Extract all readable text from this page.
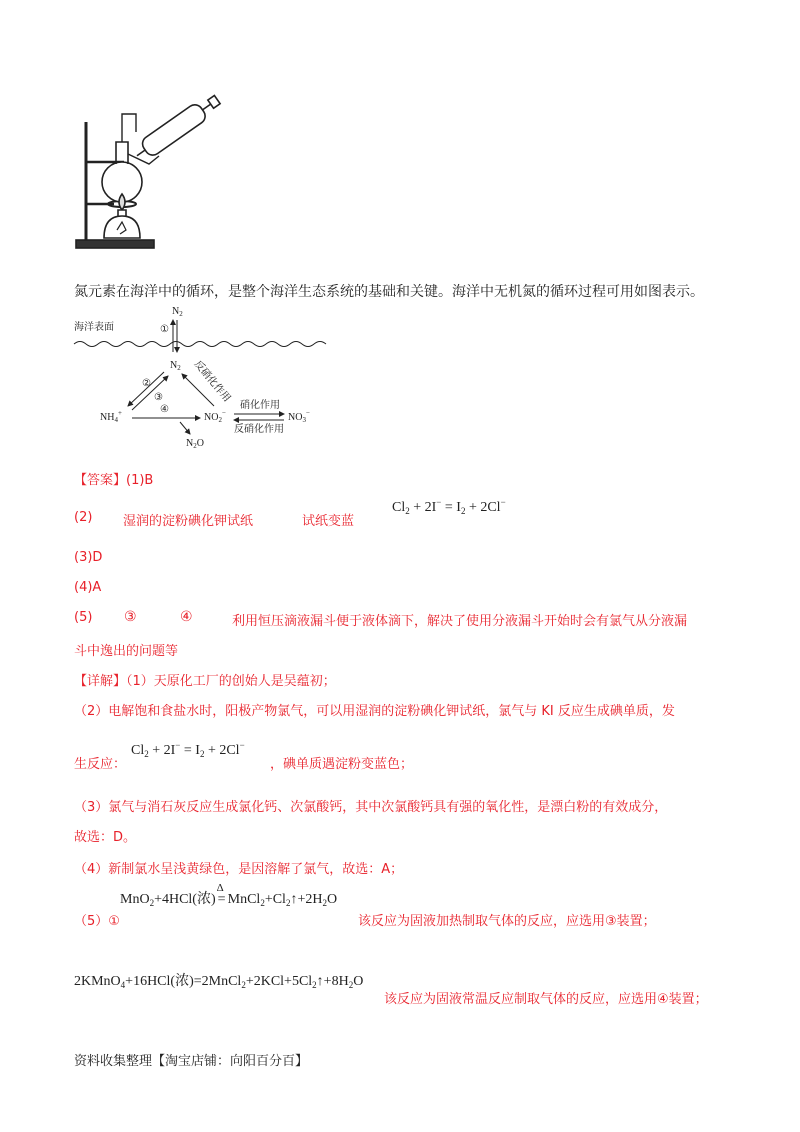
氮元素在海洋中的循环，是整个海洋生态系统的基础和关键。海洋中无机氮的循环过程可用如图表示。
海洋表面
$N_2$
①
$N_2$
$NH_4^+$
②
③
④
$NO_2^-$
反硝化作用
$N_2O$
硝化作用
反硝化作用
$NO_3^-$
【答案】(1)B
(2) 湿润的淀粉碘化钾试纸	试纸变蓝
$Cl_2 + 2I^- = I_2 + 2Cl^-$
(3)D
(4)A
(5) ③	④	利用恒压滴液漏斗便于液体滴下，解决了使用分液漏斗开始时会有氯气从分液漏
斗中逸出的问题等
【详解】（1）天原化工厂的创始人是吴蕴初；
（2）电解饱和食盐水时，阳极产物氯气，可以用湿润的淀粉碘化钾试纸，氯气与 KI 反应生成碘单质，发
生反应：
$Cl_2 + 2I^- = I_2 + 2Cl^-$
，碘单质遇淀粉变蓝色；
（3）氯气与消石灰反应生成氯化钙、次氯酸钙，其中次氯酸钙具有强的氧化性，是漂白粉的有效成分，
故选：D。
（4）新制氯水呈浅黄绿色，是因溶解了氯气，故选：A；
MnO$_2$+4HCl(浓)
Δ
= $MnCl_2+Cl_2↑+2H_2O$
（5）①	该反应为固液加热制取气体的反应，应选用③装置；
2KMnO$_4$+16HCl(浓)$=2MnCl_2+2KCl+5Cl_2↑+8H_2O$
该反应为固液常温反应制取气体的反应，应选用④装置；
资料收集整理【淘宝店铺：向阳百分百】
